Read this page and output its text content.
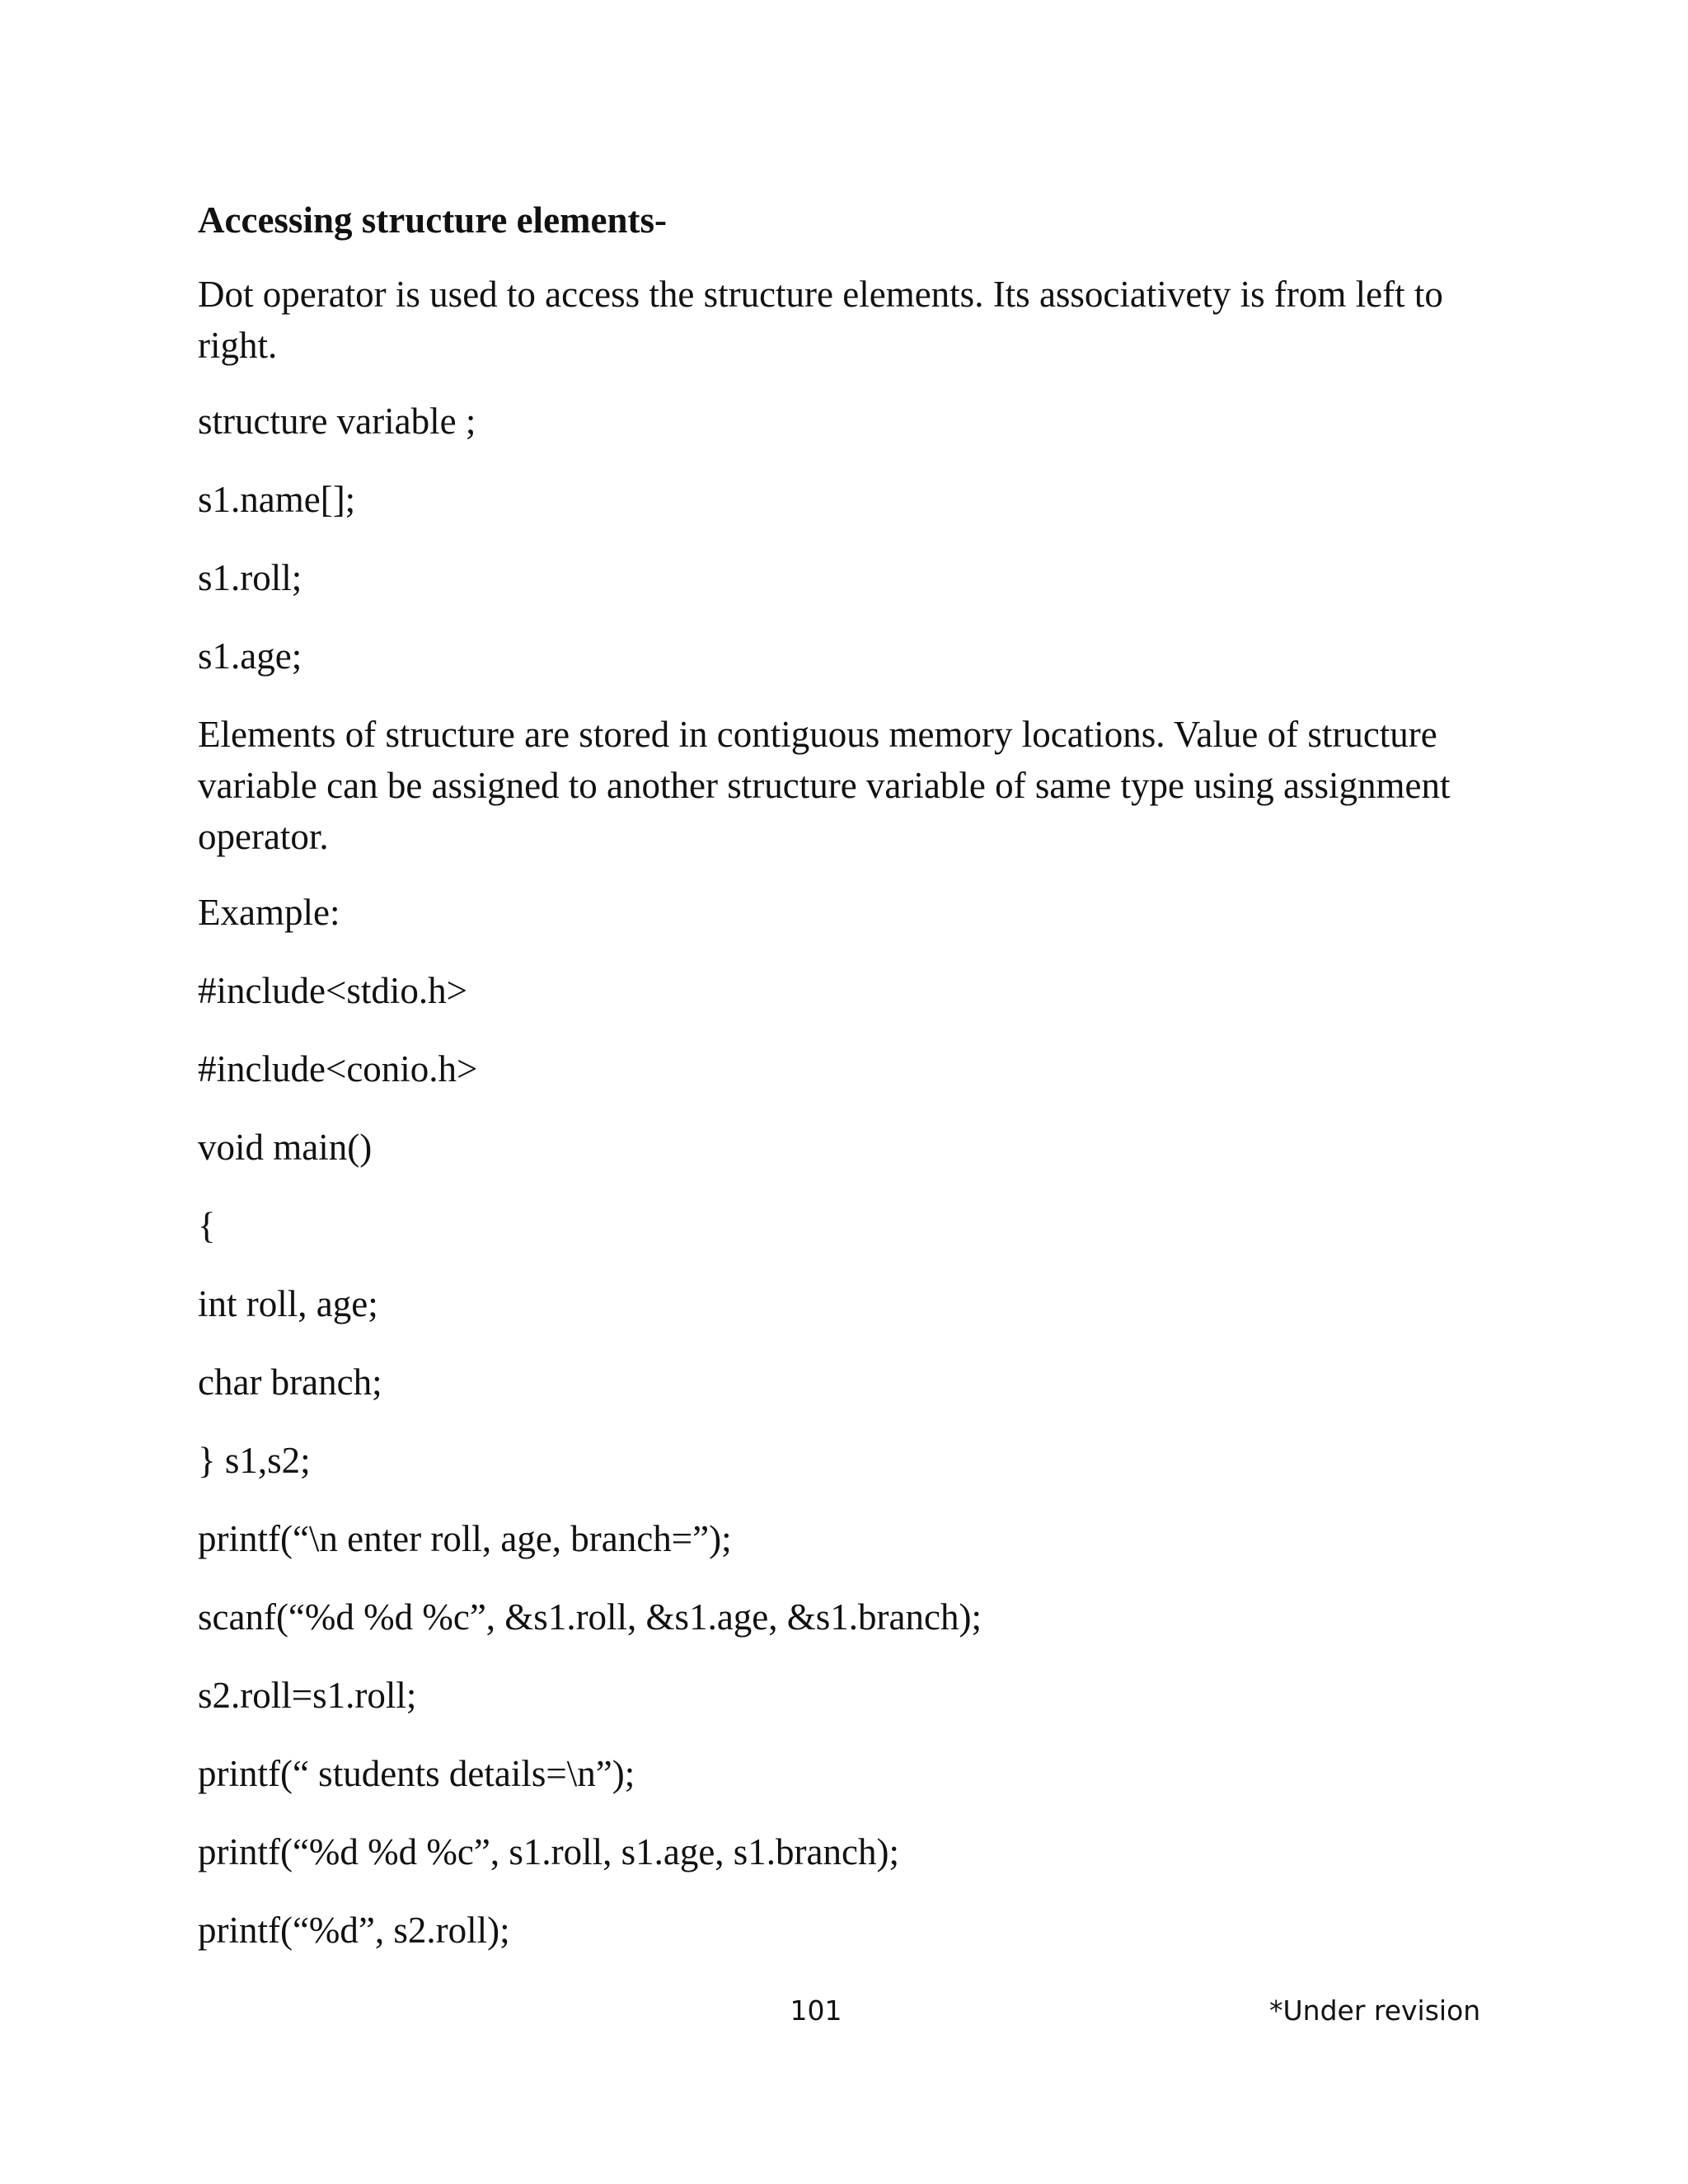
Accessing structure elements-
Dot operator is used to access the structure elements. Its associativety is from left to right.
structure variable ;
s1.name[];
s1.roll;
s1.age;
Elements of structure are stored in contiguous memory locations. Value of structure variable can be assigned to another structure variable of same type using assignment operator.
Example:
#include<stdio.h>
#include<conio.h>
void main()
{
int roll, age;
char branch;
} s1,s2;
printf(“\n enter roll, age, branch=”);
scanf(“%d %d %c”, &s1.roll, &s1.age, &s1.branch);
s2.roll=s1.roll;
printf(“ students details=\n”);
printf(“%d %d %c”, s1.roll, s1.age, s1.branch);
printf(“%d”, s2.roll);
101	*Under revision
